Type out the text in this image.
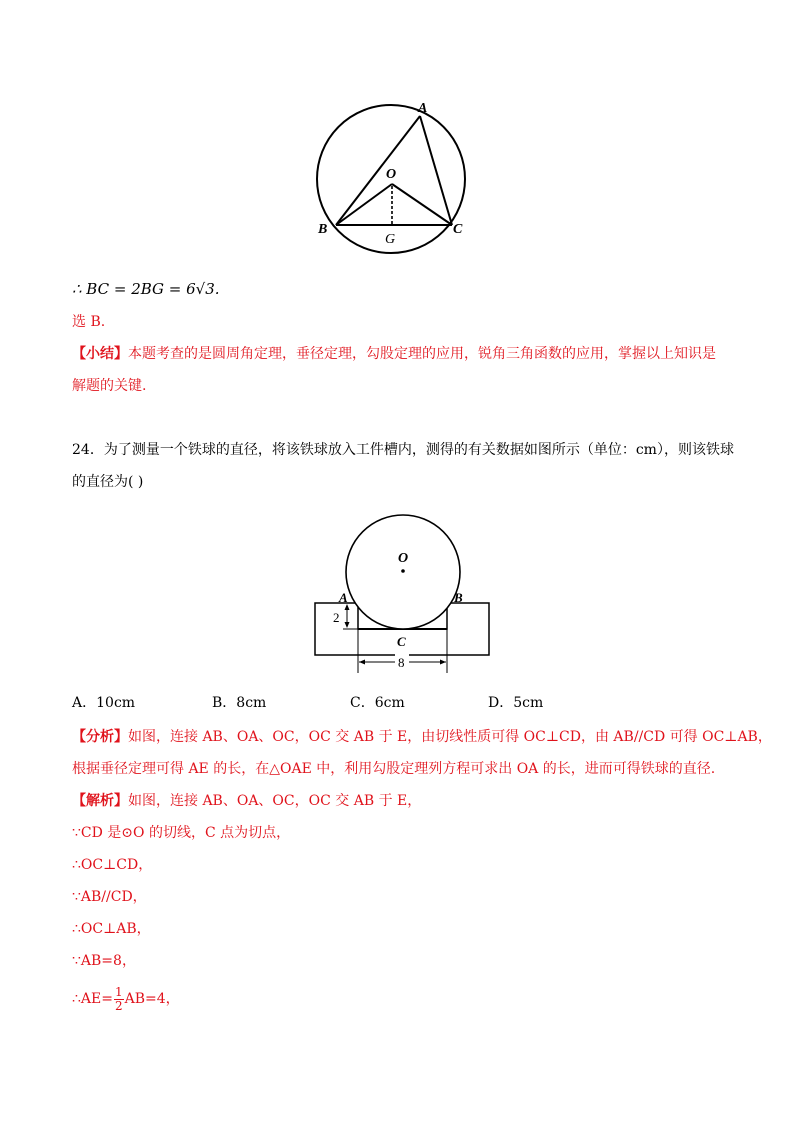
A
O
B	C
G
∴ BC = 2BG = 6√3.
选 B.
【小结】本题考查的是圆周角定理，垂径定理，勾股定理的应用，锐角三角函数的应用，掌握以上知识是
解题的关键.
24．为了测量一个铁球的直径，将该铁球放入工件槽内，测得的有关数据如图所示（单位：cm），则该铁球
的直径为( )
O
A	B
C
2
8
A．10cm	B．8cm	C．6cm	D．5cm
【分析】如图，连接 AB、OA、OC，OC 交 AB 于 E，由切线性质可得 OC⊥CD，由 AB//CD 可得 OC⊥AB，
根据垂径定理可得 AE 的长，在△OAE 中，利用勾股定理列方程可求出 OA 的长，进而可得铁球的直径.
【解析】如图，连接 AB、OA、OC，OC 交 AB 于 E，
∵CD 是⊙O 的切线，C 点为切点，
∴OC⊥CD，
∵AB//CD，
∴OC⊥AB，
∵AB=8，
∴AE= $\frac{1}{2} AB=4$，
